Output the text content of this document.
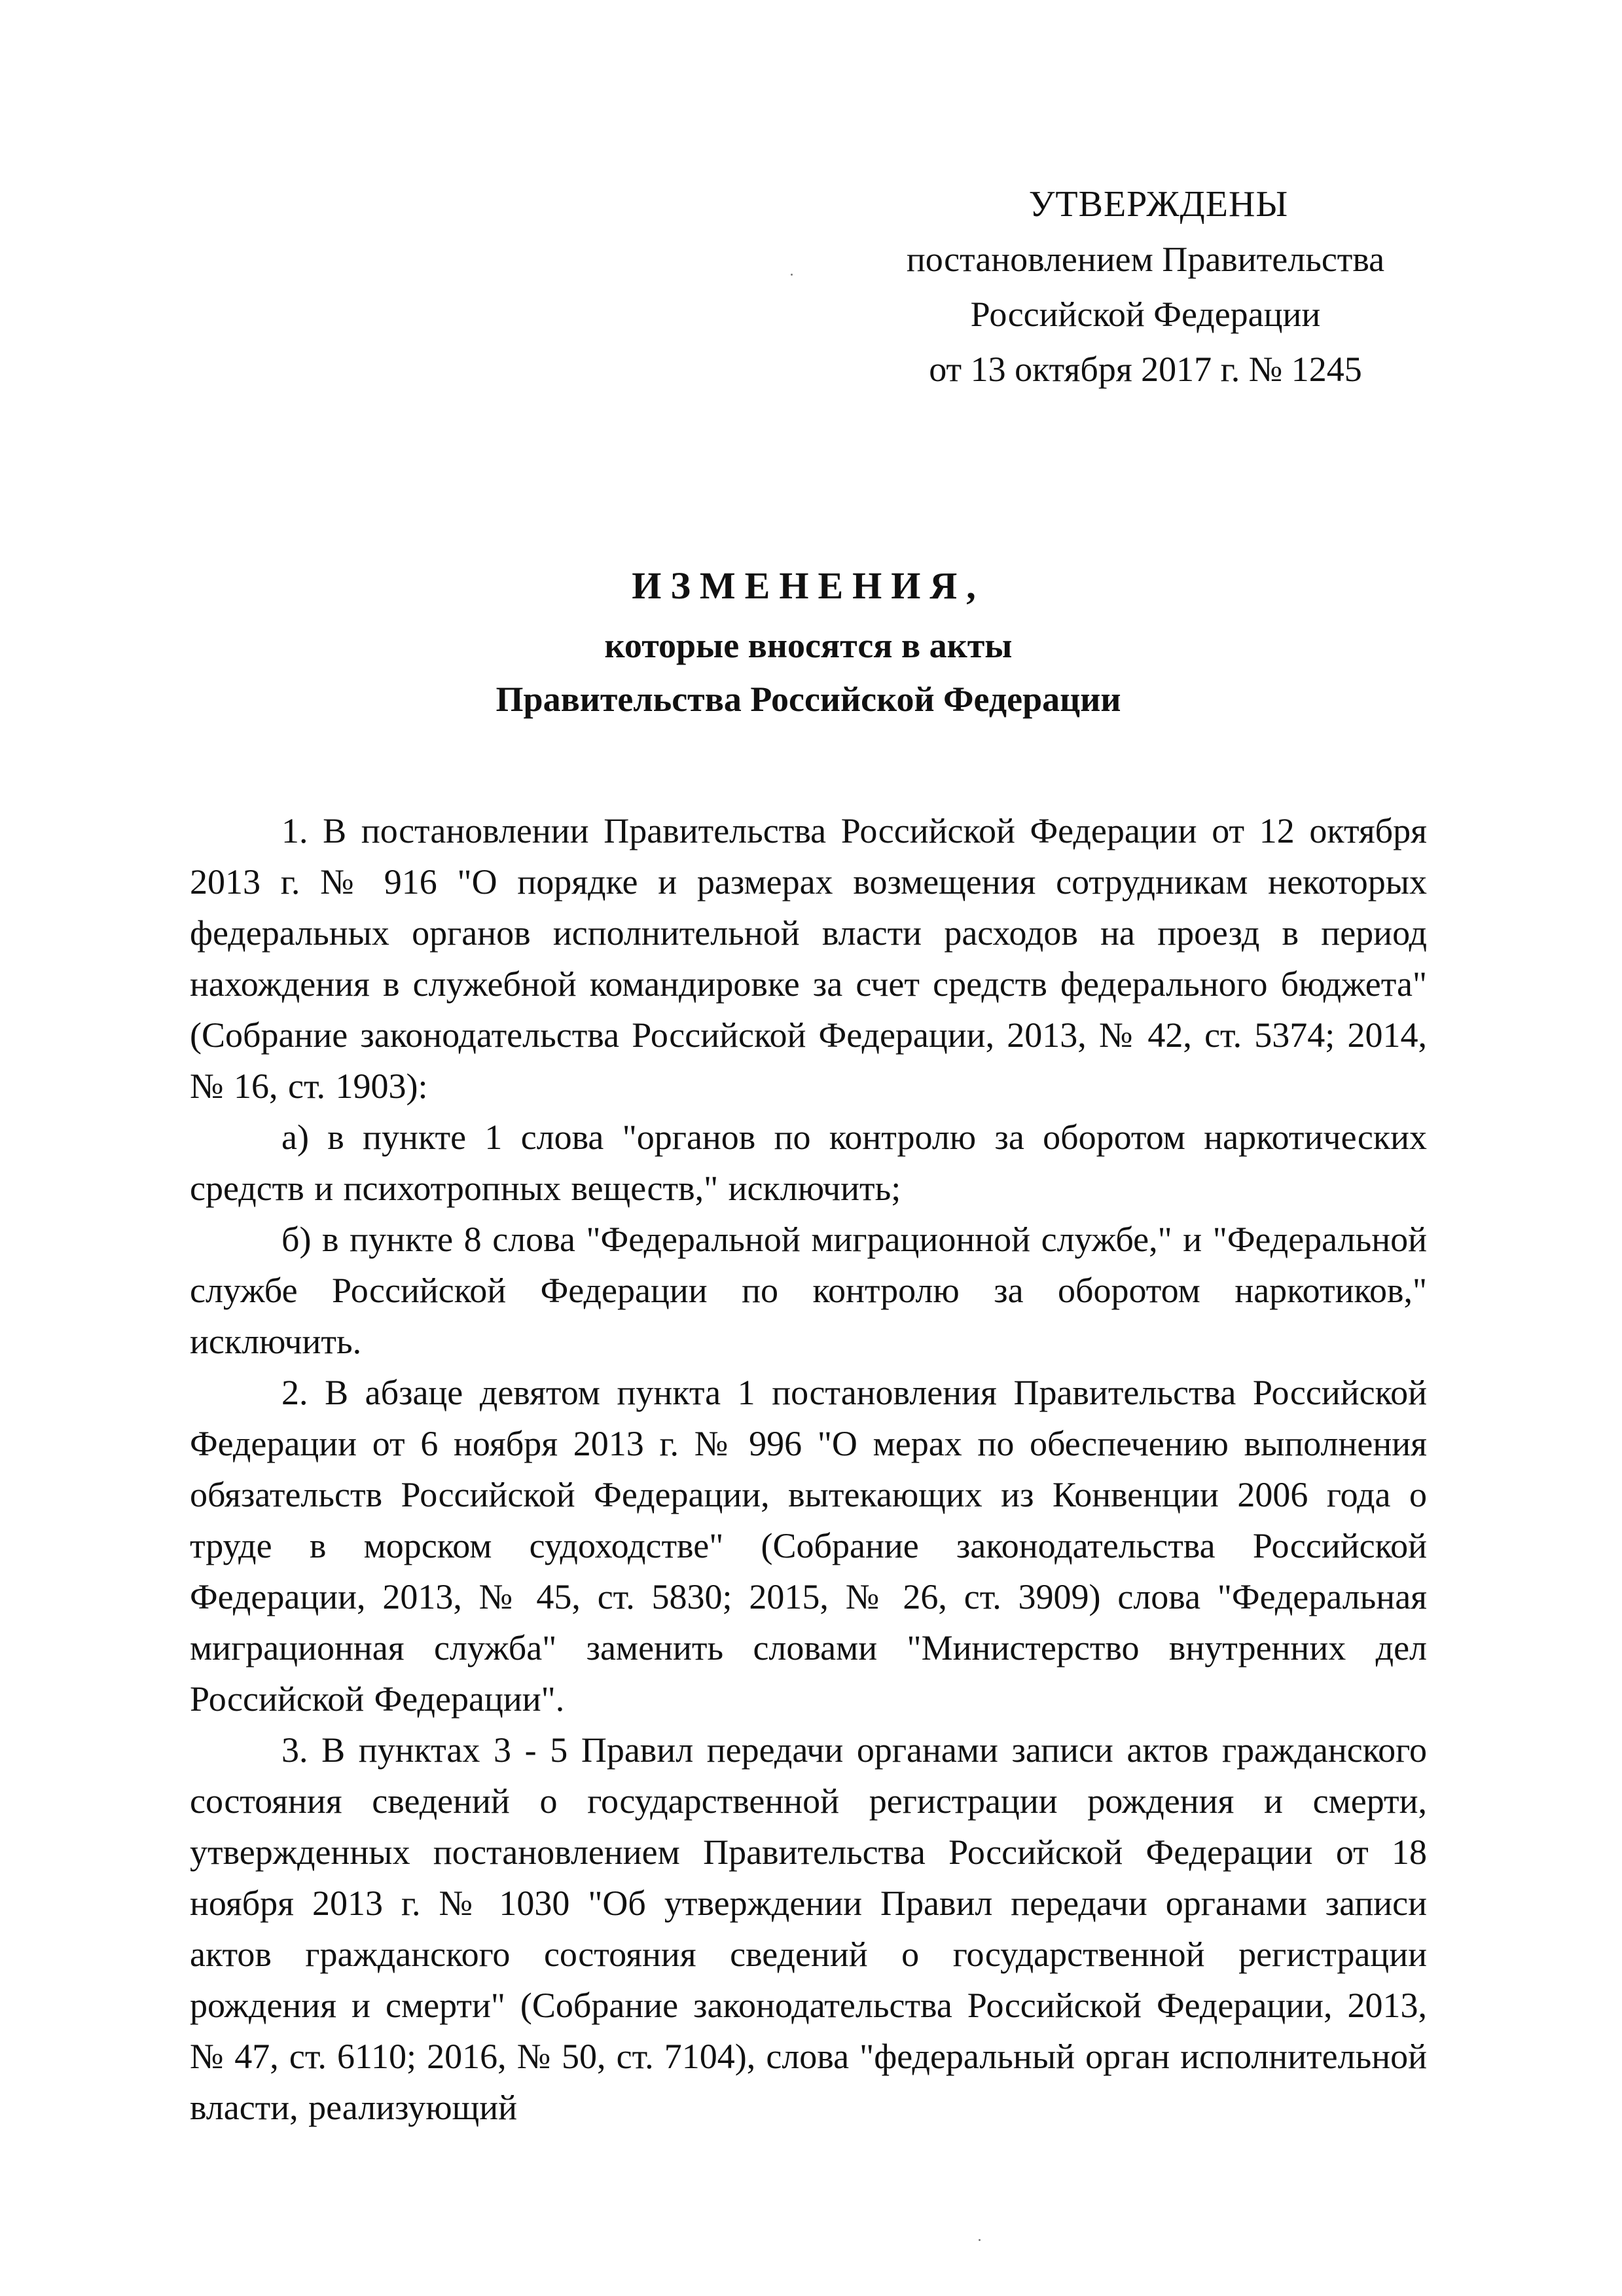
УТВЕРЖДЕНЫ
постановлением Правительства
Российской Федерации
от 13 октября 2017 г. № 1245
ИЗМЕНЕНИЯ,
которые вносятся в акты
Правительства Российской Федерации

1. В постановлении Правительства Российской Федерации от 12 октября 2013 г. № 916 "О порядке и размерах возмещения сотрудникам некоторых федеральных органов исполнительной власти расходов на проезд в период нахождения в служебной командировке за счет средств федерального бюджета" (Собрание законодательства Российской Федерации, 2013, № 42, ст. 5374; 2014, № 16, ст. 1903):

а) в пункте 1 слова "органов по контролю за оборотом наркотических средств и психотропных веществ," исключить;

б) в пункте 8 слова "Федеральной миграционной службе," и "Федеральной службе Российской Федерации по контролю за оборотом наркотиков," исключить.

2. В абзаце девятом пункта 1 постановления Правительства Российской Федерации от 6 ноября 2013 г. № 996 "О мерах по обеспечению выполнения обязательств Российской Федерации, вытекающих из Конвенции 2006 года о труде в морском судоходстве" (Собрание законодательства Российской Федерации, 2013, № 45, ст. 5830; 2015, № 26, ст. 3909) слова "Федеральная миграционная служба" заменить словами "Министерство внутренних дел Российской Федерации".

3. В пунктах 3 - 5 Правил передачи органами записи актов гражданского состояния сведений о государственной регистрации рождения и смерти, утвержденных постановлением Правительства Российской Федерации от 18 ноября 2013 г. № 1030 "Об утверждении Правил передачи органами записи актов гражданского состояния сведений о государственной регистрации рождения и смерти" (Собрание законодательства Российской Федерации, 2013, № 47, ст. 6110; 2016, № 50, ст. 7104), слова "федеральный орган исполнительной власти, реализующий
